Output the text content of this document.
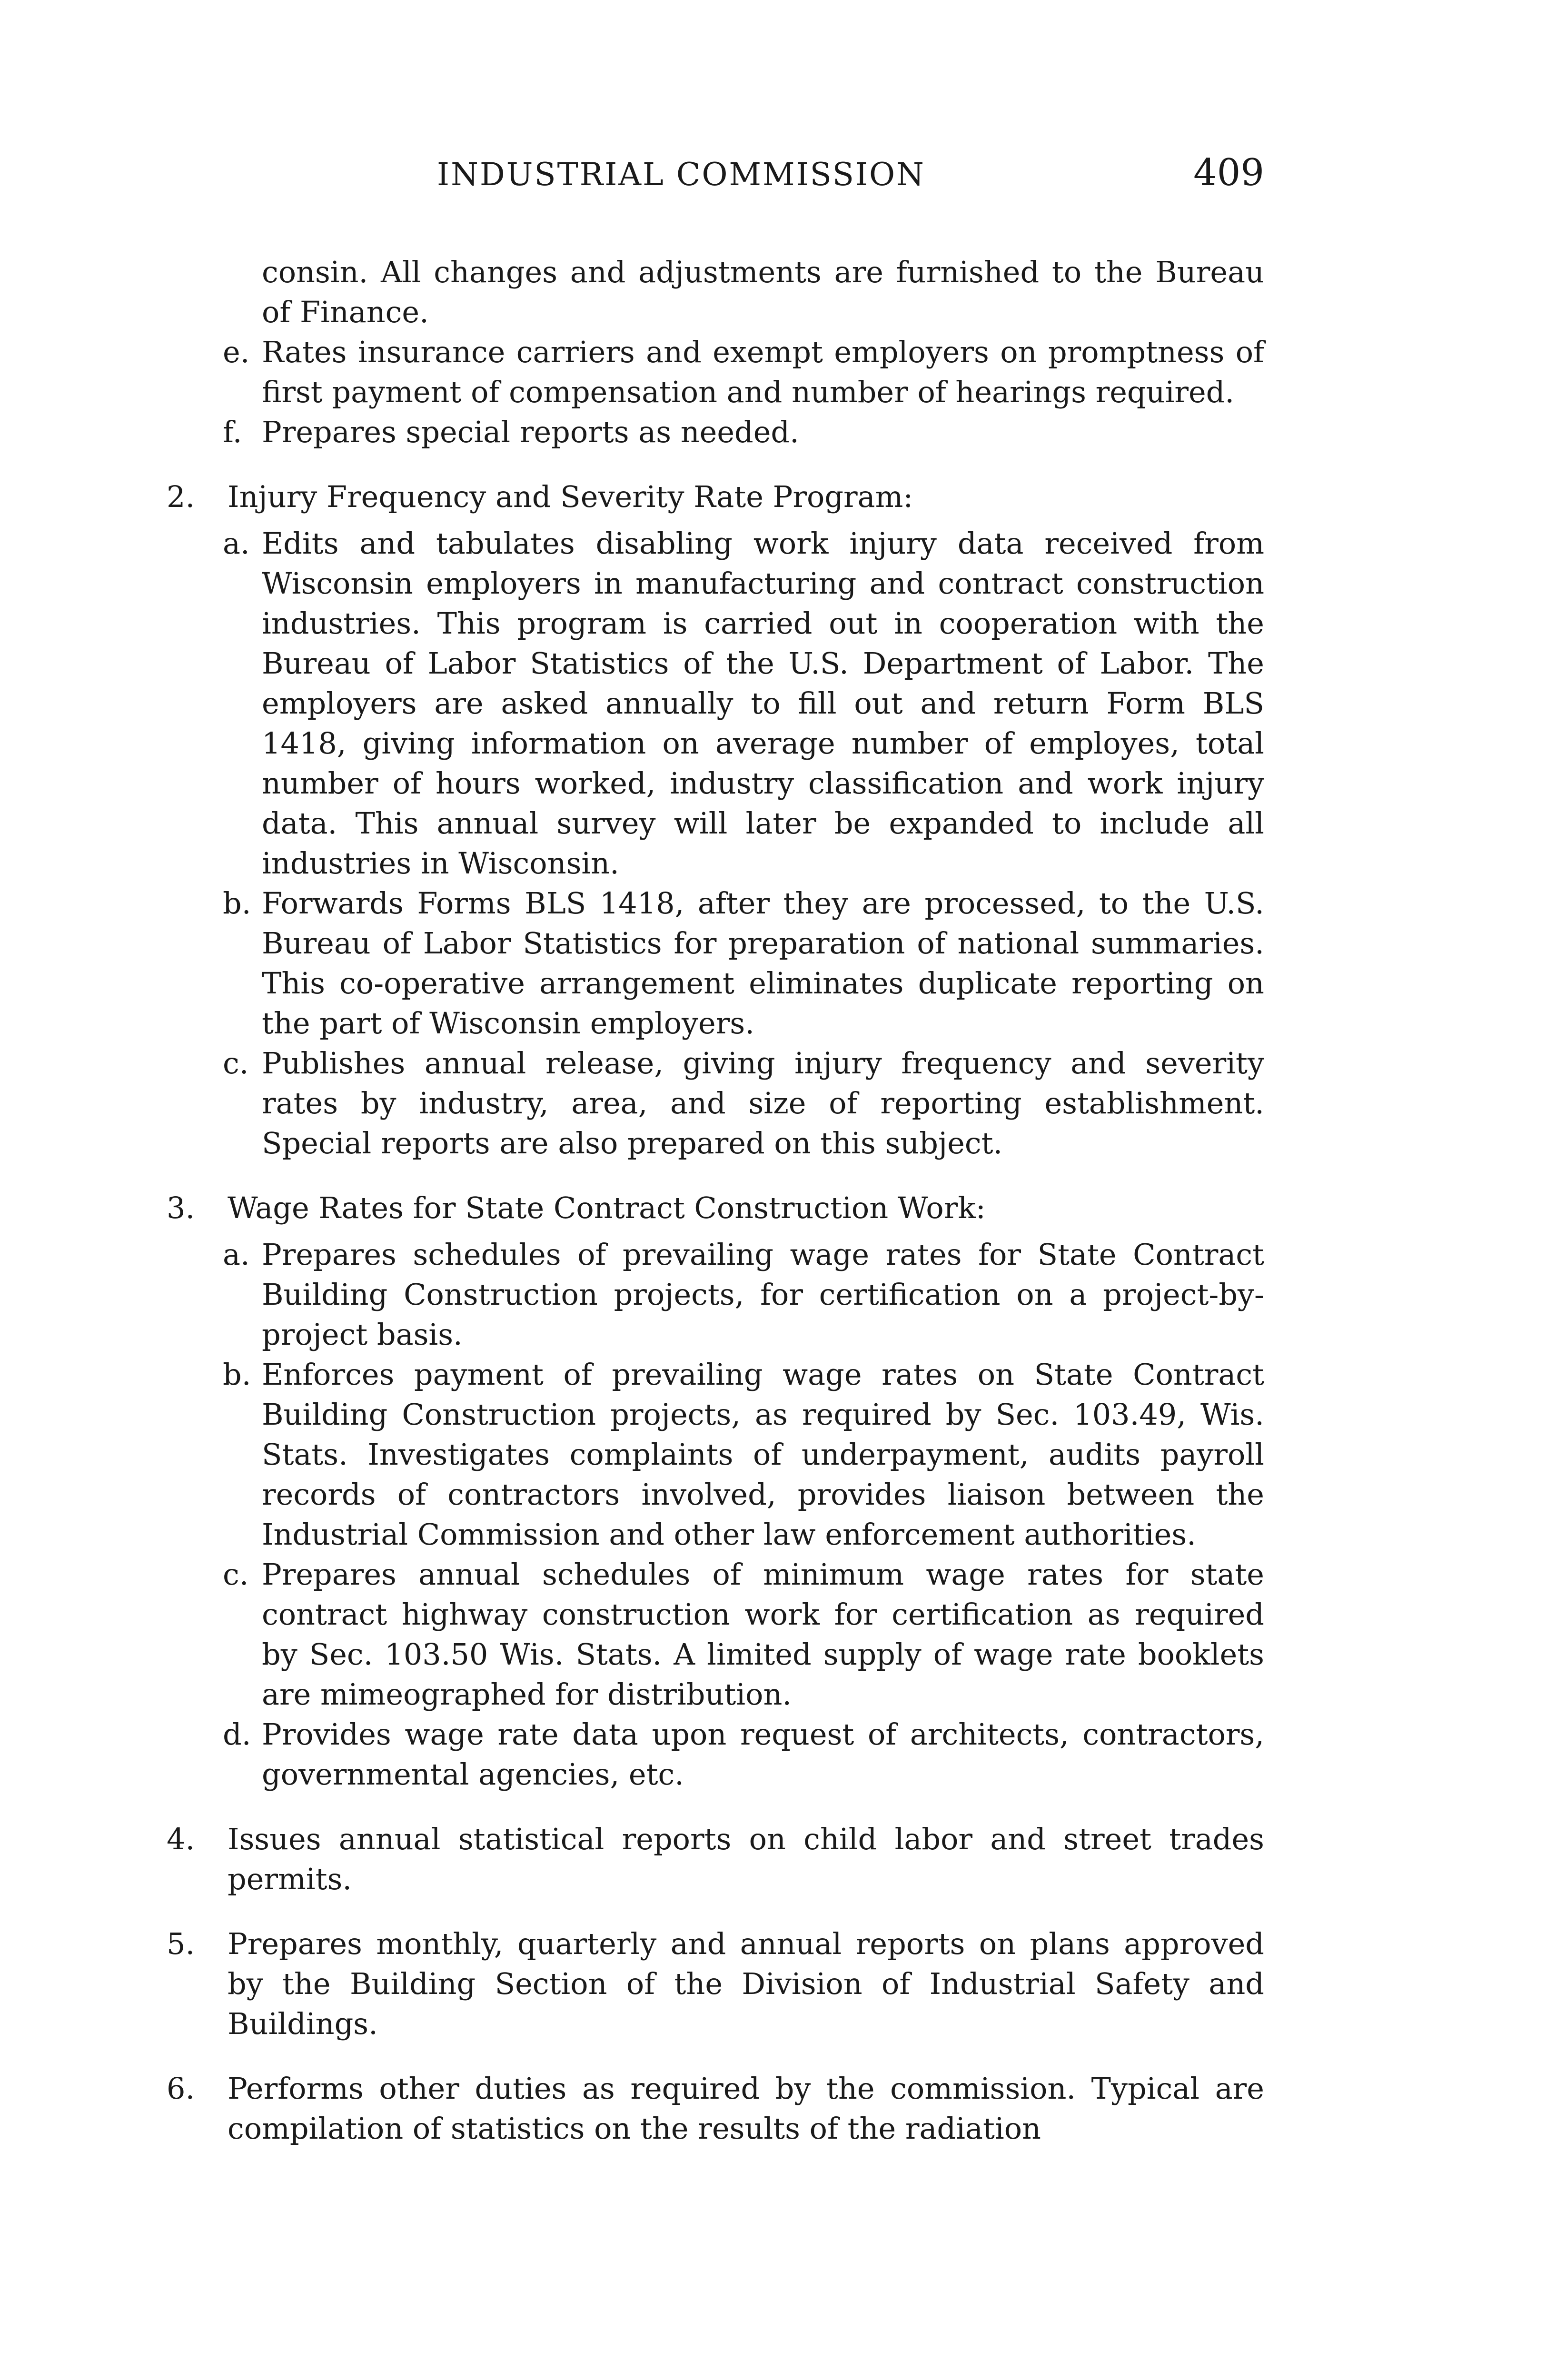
INDUSTRIAL COMMISSION	409
consin. All changes and adjustments are furnished to the Bureau of Finance.
e. Rates insurance carriers and exempt employers on promptness of first payment of compensation and number of hearings required.
f. Prepares special reports as needed.
2. Injury Frequency and Severity Rate Program:
a. Edits and tabulates disabling work injury data received from Wisconsin employers in manufacturing and contract construction industries. This program is carried out in cooperation with the Bureau of Labor Statistics of the U.S. Department of Labor. The employers are asked annually to fill out and return Form BLS 1418, giving information on average number of employes, total number of hours worked, industry classification and work injury data. This annual survey will later be expanded to include all industries in Wisconsin.
b. Forwards Forms BLS 1418, after they are processed, to the U.S. Bureau of Labor Statistics for preparation of national summaries. This co-operative arrangement eliminates duplicate reporting on the part of Wisconsin employers.
c. Publishes annual release, giving injury frequency and severity rates by industry, area, and size of reporting establishment. Special reports are also prepared on this subject.
3. Wage Rates for State Contract Construction Work:
a. Prepares schedules of prevailing wage rates for State Contract Building Construction projects, for certification on a project-by-project basis.
b. Enforces payment of prevailing wage rates on State Contract Building Construction projects, as required by Sec. 103.49, Wis. Stats. Investigates complaints of underpayment, audits payroll records of contractors involved, provides liaison between the Industrial Commission and other law enforcement authorities.
c. Prepares annual schedules of minimum wage rates for state contract highway construction work for certification as required by Sec. 103.50 Wis. Stats. A limited supply of wage rate booklets are mimeographed for distribution.
d. Provides wage rate data upon request of architects, contractors, governmental agencies, etc.
4. Issues annual statistical reports on child labor and street trades permits.
5. Prepares monthly, quarterly and annual reports on plans approved by the Building Section of the Division of Industrial Safety and Buildings.
6. Performs other duties as required by the commission. Typical are compilation of statistics on the results of the radiation
